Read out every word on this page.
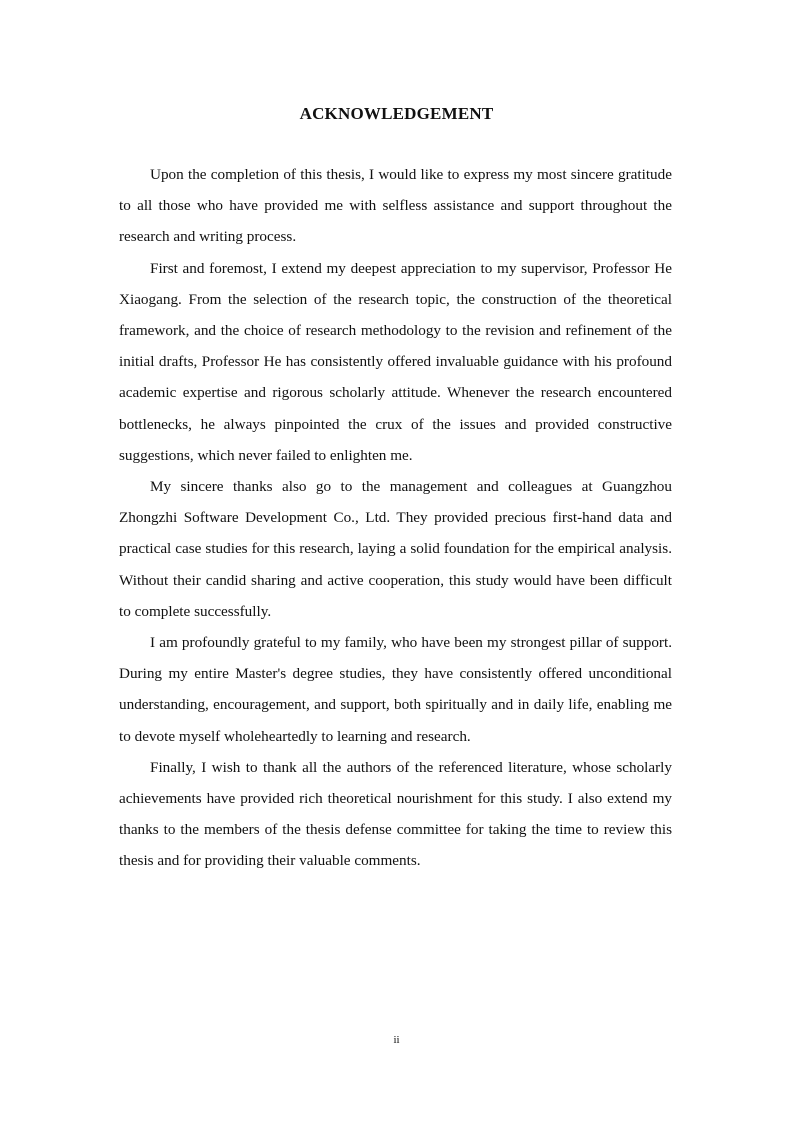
ACKNOWLEDGEMENT

Upon the completion of this thesis, I would like to express my most sincere gratitude to all those who have provided me with selfless assistance and support throughout the research and writing process.

First and foremost, I extend my deepest appreciation to my supervisor, Professor He Xiaogang. From the selection of the research topic, the construction of the theoretical framework, and the choice of research methodology to the revision and refinement of the initial drafts, Professor He has consistently offered invaluable guidance with his profound academic expertise and rigorous scholarly attitude. Whenever the research encountered bottlenecks, he always pinpointed the crux of the issues and provided constructive suggestions, which never failed to enlighten me.

My sincere thanks also go to the management and colleagues at Guangzhou Zhongzhi Software Development Co., Ltd. They provided precious first-hand data and practical case studies for this research, laying a solid foundation for the empirical analysis. Without their candid sharing and active cooperation, this study would have been difficult to complete successfully.

I am profoundly grateful to my family, who have been my strongest pillar of support. During my entire Master's degree studies, they have consistently offered unconditional understanding, encouragement, and support, both spiritually and in daily life, enabling me to devote myself wholeheartedly to learning and research.

Finally, I wish to thank all the authors of the referenced literature, whose scholarly achievements have provided rich theoretical nourishment for this study. I also extend my thanks to the members of the thesis defense committee for taking the time to review this thesis and for providing their valuable comments.

ii
